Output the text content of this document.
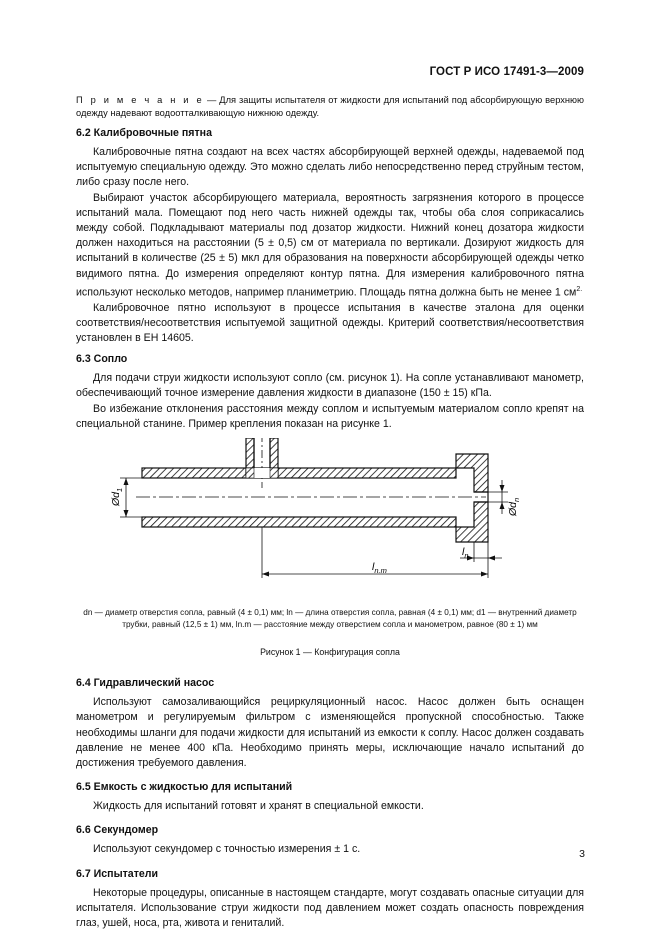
ГОСТ Р ИСО 17491-3—2009

П р и м е ч а н и е — Для защиты испытателя от жидкости для испытаний под абсорбирующую верхнюю одежду надевают водоотталкивающую нижнюю одежду.

6.2 Калибровочные пятна

Калибровочные пятна создают на всех частях абсорбирующей верхней одежды, надеваемой под испытуемую специальную одежду. Это можно сделать либо непосредственно перед струйным тестом, либо сразу после него.

Выбирают участок абсорбирующего материала, вероятность загрязнения которого в процессе испытаний мала. Помещают под него часть нижней одежды так, чтобы оба слоя соприкасались между собой. Подкладывают материалы под дозатор жидкости. Нижний конец дозатора жидкости должен находиться на расстоянии (5 ± 0,5) см от материала по вертикали. Дозируют жидкость для испытаний в количестве (25 ± 5) мкл для образования на поверхности абсорбирующей одежды четко видимого пятна. До измерения определяют контур пятна. Для измерения калибровочного пятна используют несколько методов, например планиметрию. Площадь пятна должна быть не менее 1 $см^{2.}$

Калибровочное пятно используют в процессе испытания в качестве эталона для оценки соответствия/несоответствия испытуемой защитной одежды. Критерий соответствия/несоответствия установлен в ЕН 14605.

6.3 Сопло

Для подачи струи жидкости используют сопло (см. рисунок 1). На сопле устанавливают манометр, обеспечивающий точное измерение давления жидкости в диапазоне (150 ± 15) кПа.

Во избежание отклонения расстояния между соплом и испытуемым материалом сопло крепят на специальной станине. Пример крепления показан на рисунке 1.

$Ød_1$
$Ød_n$
$l_n$
$l_{n.m}$

dn — диаметр отверстия сопла, равный (4 ± 0,1) мм; ln — длина отверстия сопла, равная (4 ± 0,1) мм; d1 — внутренний диаметр трубки, равный (12,5 ± 1) мм, ln.m — расстояние между отверстием сопла и манометром, равное (80 ± 1) мм

Рисунок 1 — Конфигурация сопла

6.4 Гидравлический насос

Используют самозаливающийся рециркуляционный насос. Насос должен быть оснащен манометром и регулируемым фильтром с изменяющейся пропускной способностью. Также необходимы шланги для подачи жидкости для испытаний из емкости к соплу. Насос должен создавать давление не менее 400 кПа. Необходимо принять меры, исключающие начало испытаний до достижения требуемого давления.

6.5 Емкость с жидкостью для испытаний

Жидкость для испытаний готовят и хранят в специальной емкости.

6.6 Секундомер

Используют секундомер с точностью измерения ± 1 с.

6.7 Испытатели

Некоторые процедуры, описанные в настоящем стандарте, могут создавать опасные ситуации для испытателя. Использование струи жидкости под давлением может создать опасность повреждения глаз, ушей, носа, рта, живота и гениталий.

3
